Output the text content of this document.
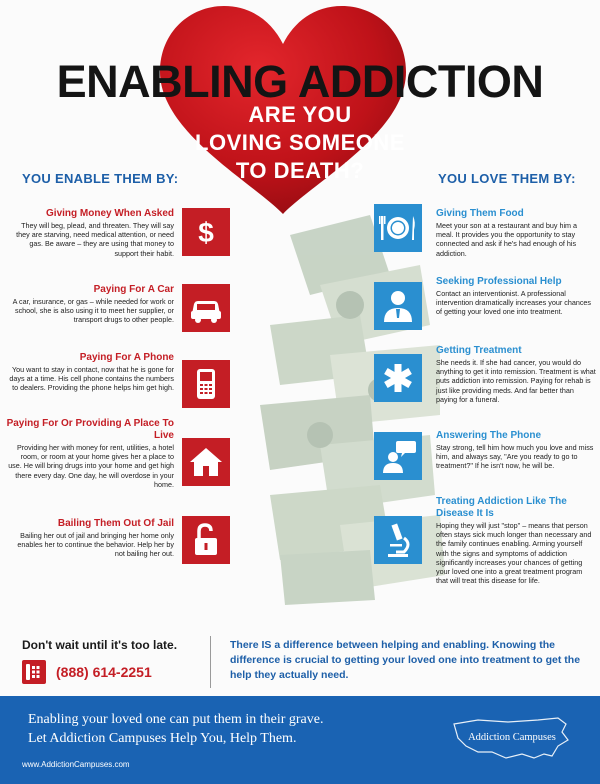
ENABLING ADDICTION
ARE YOU
LOVING SOMEONE
TO DEATH?
YOU ENABLE THEM BY:	YOU LOVE THEM BY:
Giving Money When Asked
They will beg, plead, and threaten. They will say they are starving, need medical attention, or need gas. Be aware – they are using that money to support their habit.
$
Paying For A Car
A car, insurance, or gas – while needed for work or school, she is also using it to meet her supplier, or transport drugs to other people.
Paying For A Phone
You want to stay in contact, now that he is gone for days at a time. His cell phone contains the numbers to dealers. Providing the phone helps him get high.
Paying For Or Providing A Place To Live
Providing her with money for rent, utilities, a hotel room, or room at your home gives her a place to use. He will bring drugs into your home and get high there every day. One day, he will overdose in your home.
Bailing Them Out Of Jail
Bailing her out of jail and bringing her home only enables her to continue the behavior. Help her by not bailing her out.
Giving Them Food
Meet your son at a restaurant and buy him a meal. It provides you the opportunity to stay connected and ask if he's had enough of his addiction.
Seeking Professional Help
Contact an interventionist. A professional intervention dramatically increases your chances of getting your loved one into treatment.
Getting Treatment
She needs it. If she had cancer, you would do anything to get it into remission. Treatment is what puts addiction into remission. Paying for rehab is just like providing meds. And far better than paying for a funeral.
Answering The Phone
Stay strong, tell him how much you love and miss him, and always say, "Are you ready to go to treatment?" If he isn't now, he will be.
Treating Addiction Like The Disease It Is
Hoping they will just "stop" – means that person often stays sick much longer than necessary and the family continues enabling. Arming yourself with the signs and symptoms of addiction significantly increases your chances of getting your loved one into a great treatment program that will treat this disease for life.
Don't wait until it's too late.
(888) 614-2251
There IS a difference between helping and enabling. Knowing the difference is crucial to getting your loved one into treatment to get the help they actually need.
Enabling your loved one can put them in their grave.
Let Addiction Campuses Help You, Help Them.
www.AddictionCampuses.com
Addiction Campuses
